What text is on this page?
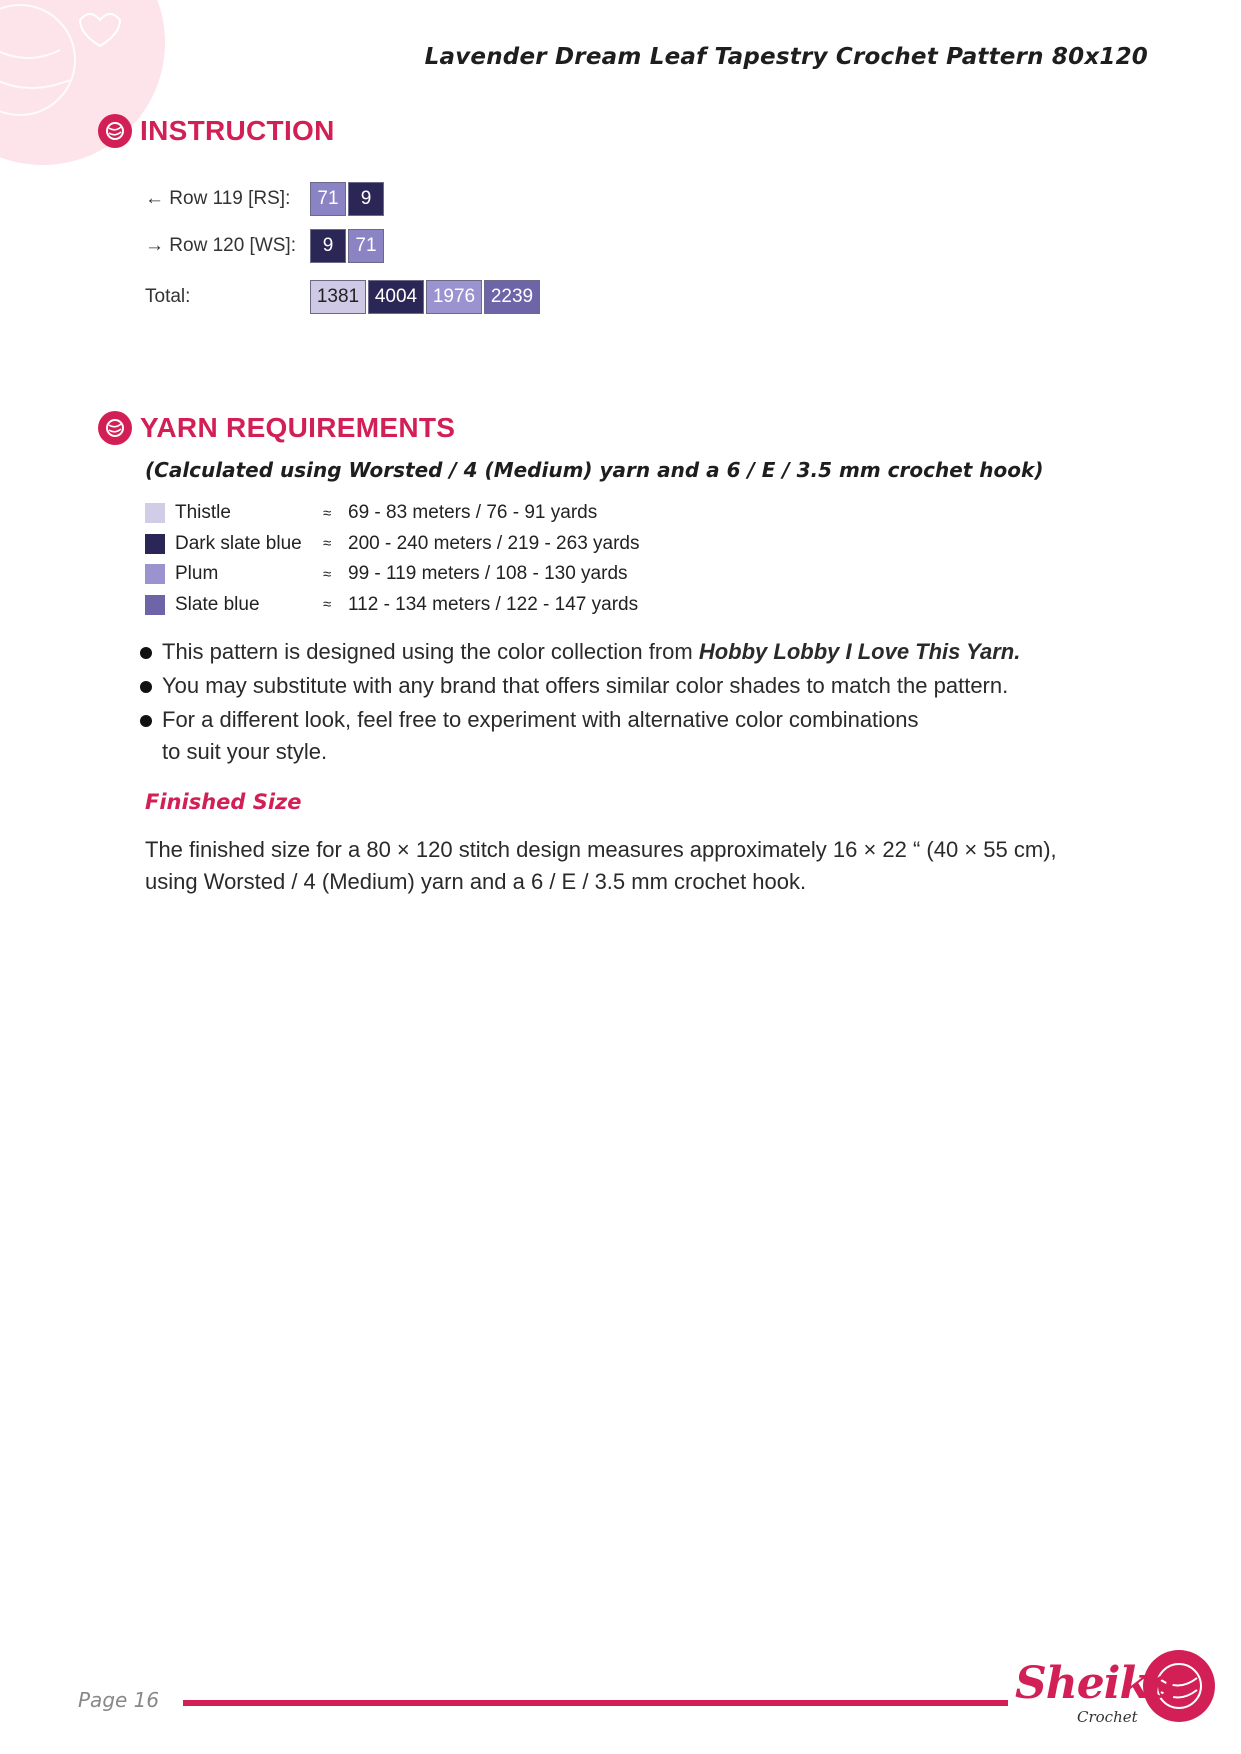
Lavender Dream Leaf Tapestry Crochet Pattern 80x120
INSTRUCTION
← Row 119 [RS]:	71	9
→ Row 120 [WS]:	9	71
Total:	1381 4004 1976 2239
YARN REQUIREMENTS
(Calculated using Worsted / 4 (Medium) yarn and a 6 / E / 3.5 mm crochet hook)
Thistle	≈ 69 - 83 meters / 76 - 91 yards
Dark slate blue	≈ 200 - 240 meters / 219 - 263 yards
Plum	≈ 99 - 119 meters / 108 - 130 yards
Slate blue	≈ 112 - 134 meters / 122 - 147 yards
This pattern is designed using the color collection from Hobby Lobby I Love This Yarn.
You may substitute with any brand that offers similar color shades to match the pattern.
For a different look, feel free to experiment with alternative color combinations
to suit your style.
Finished Size
The finished size for a 80 × 120 stitch design measures approximately 16 × 22 “ (40 × 55 cm),
using Worsted / 4 (Medium) yarn and a 6 / E / 3.5 mm crochet hook.
Page 16	Sheika
Crochet
